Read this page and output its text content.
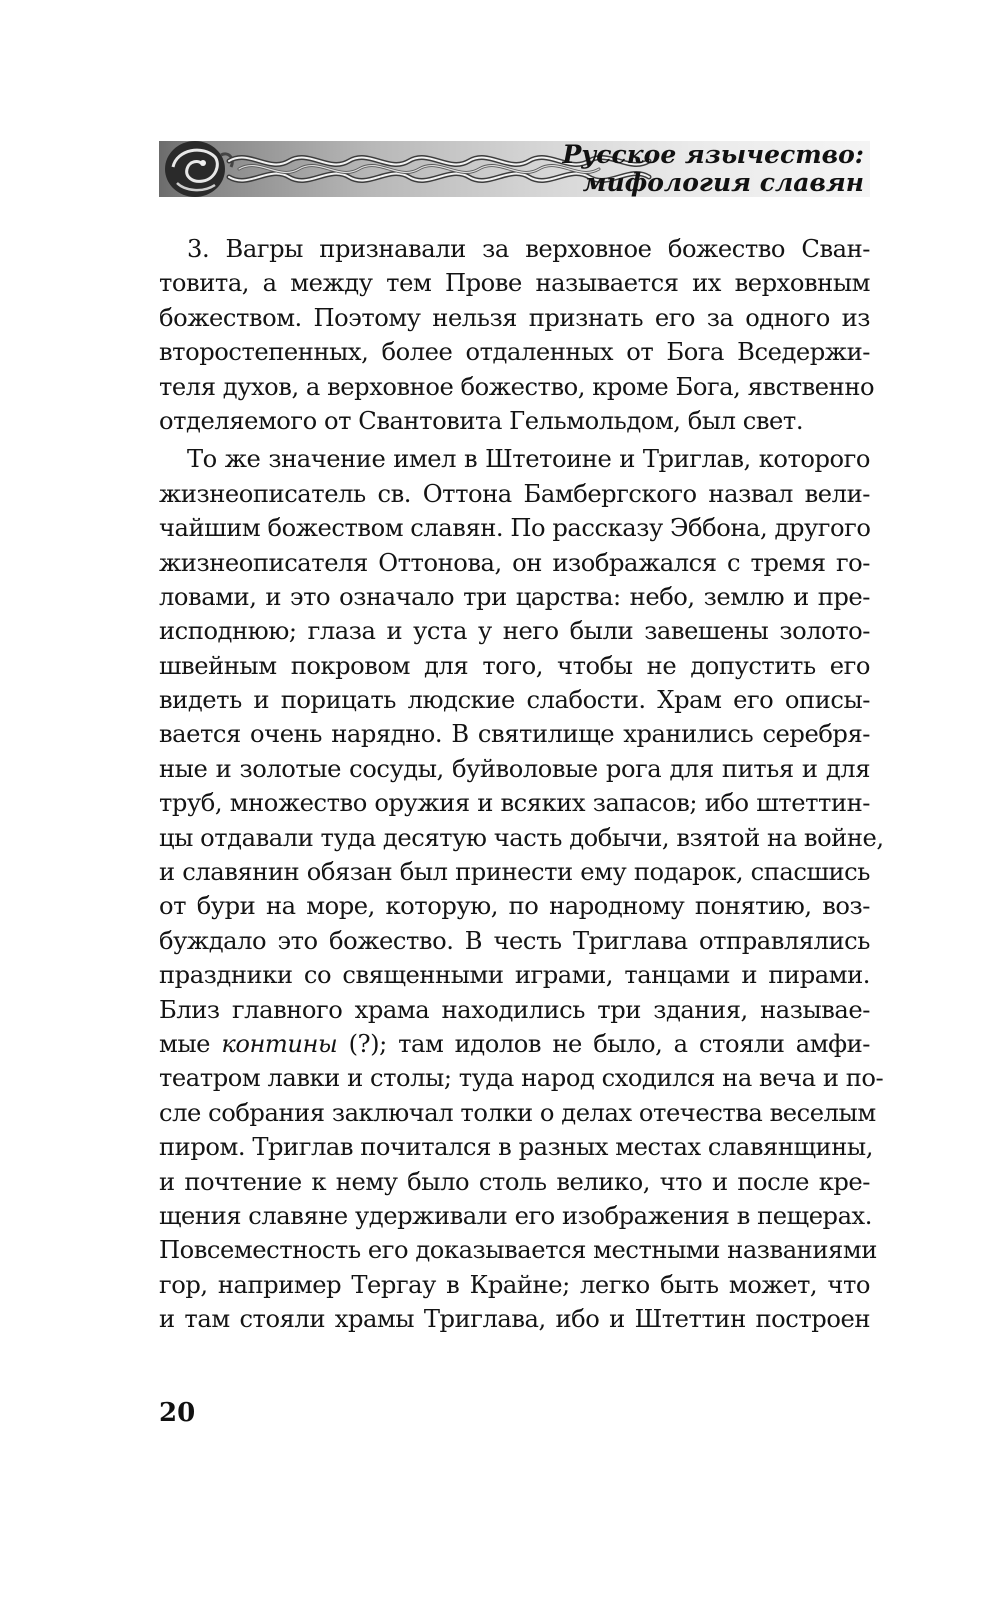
Русское язычество:
мифология славян
3. Вагры признавали за верховное божество Сван-
товита, а между тем Прове называется их верховным
божеством. Поэтому нельзя признать его за одного из
второстепенных, более отдаленных от Бога Вседержи-
теля духов, а верховное божество, кроме Бога, явственно
отделяемого от Свантовита Гельмольдом, был свет.
То же значение имел в Штетоине и Триглав, которого
жизнеописатель св. Оттона Бамбергского назвал вели-
чайшим божеством славян. По рассказу Эббона, другого
жизнеописателя Оттонова, он изображался с тремя го-
ловами, и это означало три царства: небо, землю и пре-
исподнюю; глаза и уста у него были завешены золото-
швейным покровом для того, чтобы не допустить его
видеть и порицать людские слабости. Храм его описы-
вается очень нарядно. В святилище хранились серебря-
ные и золотые сосуды, буйволовые рога для питья и для
труб, множество оружия и всяких запасов; ибо штеттин-
цы отдавали туда десятую часть добычи, взятой на войне,
и славянин обязан был принести ему подарок, спасшись
от бури на море, которую, по народному понятию, воз-
буждало это божество. В честь Триглава отправлялись
праздники со священными играми, танцами и пирами.
Близ главного храма находились три здания, называе-
мые контины (?); там идолов не было, а стояли амфи-
театром лавки и столы; туда народ сходился на веча и по-
сле собрания заключал толки о делах отечества веселым
пиром. Триглав почитался в разных местах славянщины,
и почтение к нему было столь велико, что и после кре-
щения славяне удерживали его изображения в пещерах.
Повсеместность его доказывается местными названиями
гор, например Тергау в Крайне; легко быть может, что
и там стояли храмы Триглава, ибо и Штеттин построен
20
